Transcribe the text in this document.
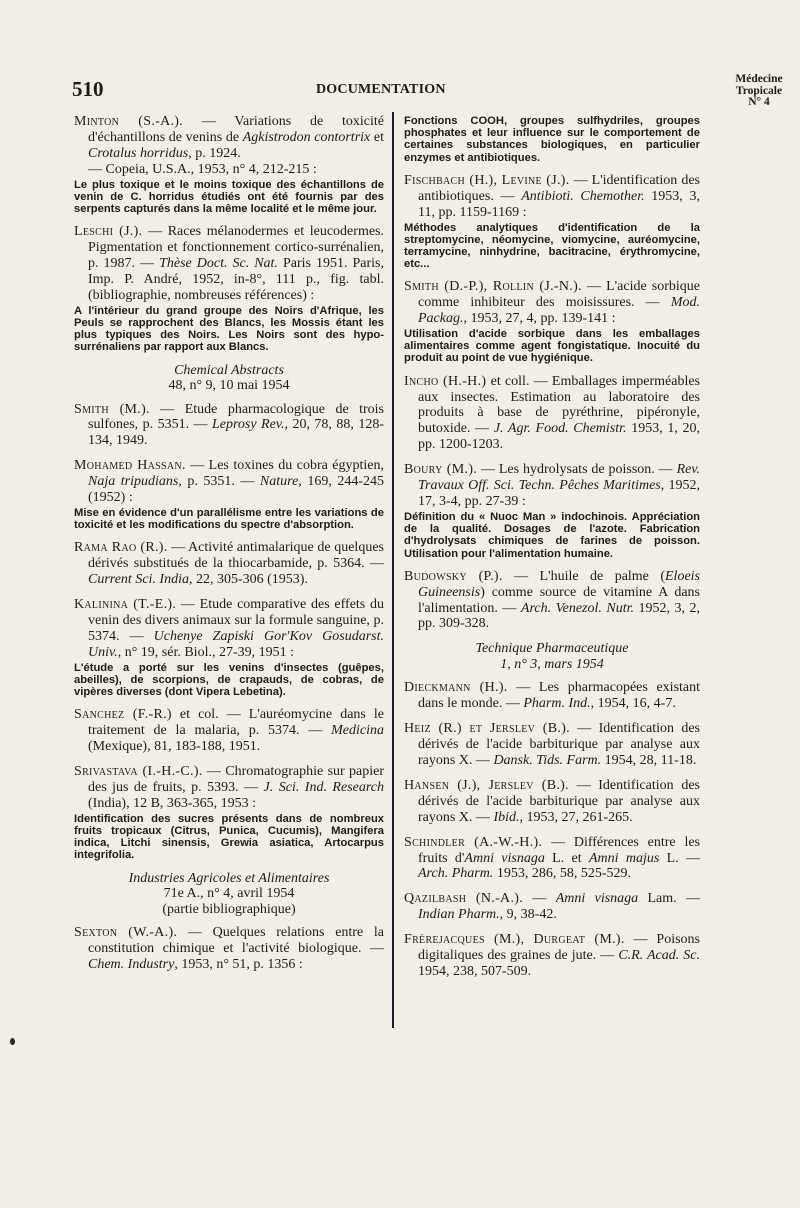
510	DOCUMENTATION
Médecine
Tropicale
N° 4
Minton (S.-A.). — Variations de toxicité d'échantillons de venins de Agkistrodon contortrix et Crotalus horridus, p. 1924.
— Copeia, U.S.A., 1953, n° 4, 212-215 :
Le plus toxique et le moins toxique des échantillons de venin de C. horridus étudiés ont été fournis par des serpents capturés dans la même localité et le même jour.
Leschi (J.). — Races mélanodermes et leucodermes. Pigmentation et fonctionnement cortico-surrénalien, p. 1987. — Thèse Doct. Sc. Nat. Paris 1951. Paris, Imp. P. André, 1952, in-8°, 111 p., fig. tabl. (bibliographie, nombreuses références) :
A l'intérieur du grand groupe des Noirs d'Afrique, les Peuls se rapprochent des Blancs, les Mossis étant les plus typiques des Noirs. Les Noirs sont des hypo-surrénaliens par rapport aux Blancs.
Chemical Abstracts
48, n° 9, 10 mai 1954
Smith (M.). — Etude pharmacologique de trois sulfones, p. 5351. — Leprosy Rev., 20, 78, 88, 128-134, 1949.
Mohamed Hassan. — Les toxines du cobra égyptien, Naja tripudians, p. 5351. — Nature, 169, 244-245 (1952) :
Mise en évidence d'un parallélisme entre les variations de toxicité et les modifications du spectre d'absorption.
Rama Rao (R.). — Activité antimalarique de quelques dérivés substitués de la thiocarbamide, p. 5364. — Current Sci. India, 22, 305-306 (1953).
Kalinina (T.-E.). — Etude comparative des effets du venin des divers animaux sur la formule sanguine, p. 5374. — Uchenye Zapiski Gor'Kov Gosudarst. Univ., n° 19, sér. Biol., 27-39, 1951 :
L'étude a porté sur les venins d'insectes (guêpes, abeilles), de scorpions, de crapauds, de cobras, de vipères diverses (dont Vipera Lebetina).
Sanchez (F.-R.) et col. — L'auréomycine dans le traitement de la malaria, p. 5374. — Medicina (Mexique), 81, 183-188, 1951.
Srivastava (I.-H.-C.). — Chromatographie sur papier des jus de fruits, p. 5393. — J. Sci. Ind. Research (India), 12 B, 363-365, 1953 :
Identification des sucres présents dans de nombreux fruits tropicaux (Citrus, Punica, Cucumis), Mangifera indica, Litchi sinensis, Grewia asiatica, Artocarpus integrifolia.
Industries Agricoles et Alimentaires
71e A., n° 4, avril 1954
(partie bibliographique)
Sexton (W.-A.). — Quelques relations entre la constitution chimique et l'activité biologique. — Chem. Industry, 1953, n° 51, p. 1356 :
Fonctions COOH, groupes sulfhydriles, groupes phosphates et leur influence sur le comportement de certaines substances biologiques, en particulier enzymes et antibiotiques.
Fischbach (H.), Levine (J.). — L'identification des antibiotiques. — Antibioti. Chemother. 1953, 3, 11, pp. 1159-1169 :
Méthodes analytiques d'identification de la streptomycine, néomycine, viomycine, auréomycine, terramycine, ninhydrine, bacitracine, érythromycine, etc...
Smith (D.-P.), Rollin (J.-N.). — L'acide sorbique comme inhibiteur des moisissures. — Mod. Packag., 1953, 27, 4, pp. 139-141 :
Utilisation d'acide sorbique dans les emballages alimentaires comme agent fongistatique. Inocuité du produit au point de vue hygiénique.
Incho (H.-H.) et coll. — Emballages imperméables aux insectes. Estimation au laboratoire des produits à base de pyréthrine, pipéronyle, butoxide. — J. Agr. Food. Chemistr. 1953, 1, 20, pp. 1200-1203.
Boury (M.). — Les hydrolysats de poisson. — Rev. Travaux Off. Sci. Techn. Pêches Maritimes, 1952, 17, 3-4, pp. 27-39 :
Définition du « Nuoc Man » indochinois. Appréciation de la qualité. Dosages de l'azote. Fabrication d'hydrolysats chimiques de farines de poisson. Utilisation pour l'alimentation humaine.
Budowsky (P.). — L'huile de palme (Eloeis Guineensis) comme source de vitamine A dans l'alimentation. — Arch. Venezol. Nutr. 1952, 3, 2, pp. 309-328.
Technique Pharmaceutique
1, n° 3, mars 1954
Dieckmann (H.). — Les pharmacopées existant dans le monde. — Pharm. Ind., 1954, 16, 4-7.
Heiz (R.) et Jerslev (B.). — Identification des dérivés de l'acide barbiturique par analyse aux rayons X. — Dansk. Tids. Farm. 1954, 28, 11-18.
Hansen (J.), Jerslev (B.). — Identification des dérivés de l'acide barbiturique par analyse aux rayons X. — Ibid., 1953, 27, 261-265.
Schindler (A.-W.-H.). — Différences entre les fruits d'Amni visnaga L. et Amni majus L. — Arch. Pharm. 1953, 286, 58, 525-529.
Qazilbash (N.-A.). — Amni visnaga Lam. — Indian Pharm., 9, 38-42.
Frèrejacques (M.), Durgeat (M.). — Poisons digitaliques des graines de jute. — C.R. Acad. Sc. 1954, 238, 507-509.
